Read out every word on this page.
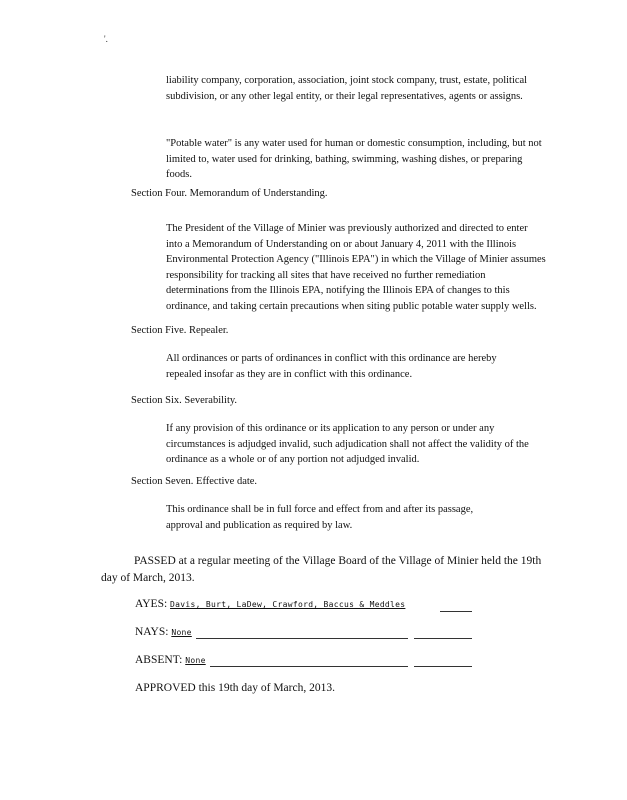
'.

liability company, corporation, association, joint stock company, trust, estate, political subdivision, or any other legal entity, or their legal representatives, agents or assigns.

"Potable water" is any water used for human or domestic consumption, including, but not limited to, water used for drinking, bathing, swimming, washing dishes, or preparing foods.

Section Four. Memorandum of Understanding.

The President of the Village of Minier was previously authorized and directed to enter into a Memorandum of Understanding on or about January 4, 2011 with the Illinois Environmental Protection Agency ("Illinois EPA") in which the Village of Minier assumes responsibility for tracking all sites that have received no further remediation determinations from the Illinois EPA, notifying the Illinois EPA of changes to this ordinance, and taking certain precautions when siting public potable water supply wells.

Section Five. Repealer.

All ordinances or parts of ordinances in conflict with this ordinance are hereby repealed insofar as they are in conflict with this ordinance.

Section Six. Severability.

If any provision of this ordinance or its application to any person or under any circumstances is adjudged invalid, such adjudication shall not affect the validity of the ordinance as a whole or of any portion not adjudged invalid.

Section Seven. Effective date.

This ordinance shall be in full force and effect from and after its passage, approval and publication as required by law.

PASSED at a regular meeting of the Village Board of the Village of Minier held the 19th day of March, 2013.

AYES: Davis, Burt, LaDew, Crawford, Baccus & Meddles
NAYS: None
ABSENT: None

APPROVED this 19th day of March, 2013.
